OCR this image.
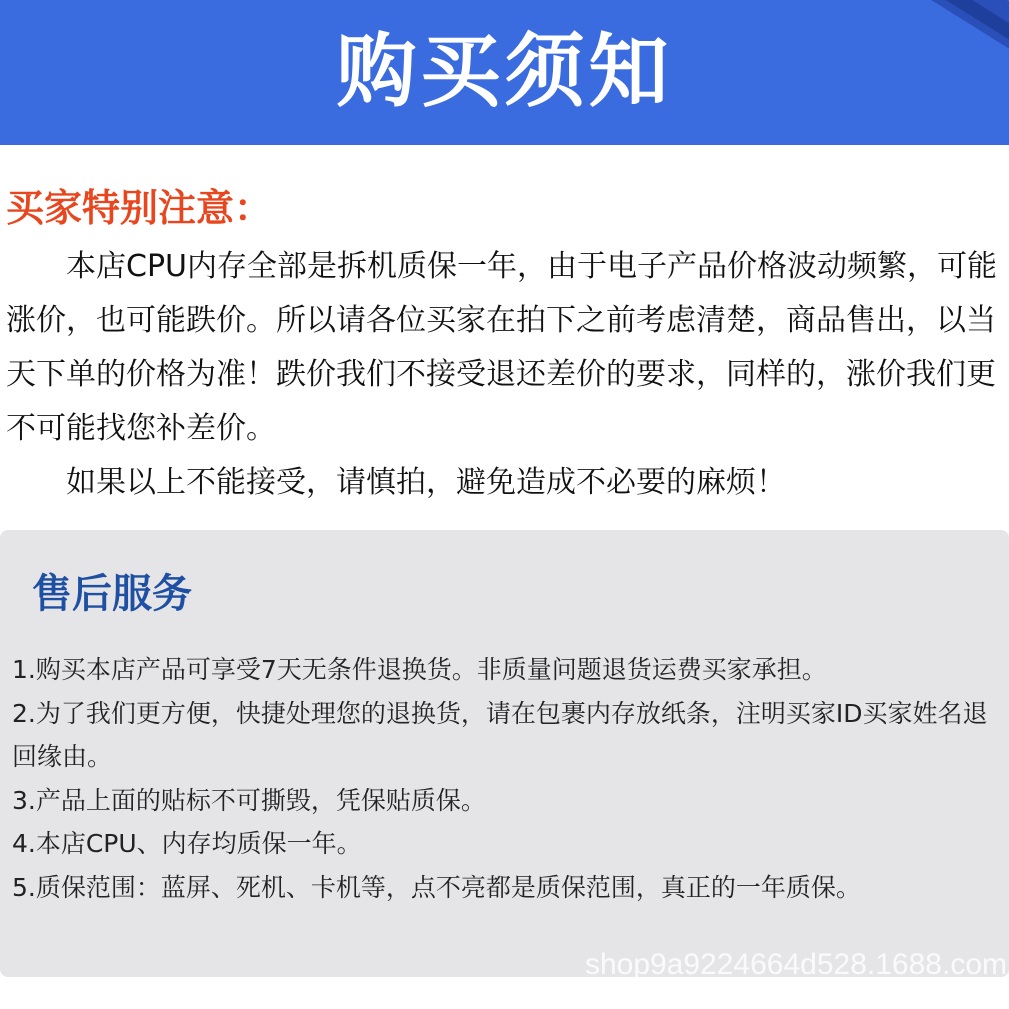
购买须知
买家特别注意：

本店CPU内存全部是拆机质保一年，由于电子产品价格波动频繁，可能涨价，也可能跌价。所以请各位买家在拍下之前考虑清楚，商品售出，以当天下单的价格为准！跌价我们不接受退还差价的要求，同样的，涨价我们更不可能找您补差价。

如果以上不能接受，请慎拍，避免造成不必要的麻烦！

售后服务
1.购买本店产品可享受7天无条件退换货。非质量问题退货运费买家承担。
2.为了我们更方便，快捷处理您的退换货，请在包裹内存放纸条，注明买家ID买家姓名退回缘由。
3.产品上面的贴标不可撕毁，凭保贴质保。
4.本店CPU、内存均质保一年。
5.质保范围：蓝屏、死机、卡机等，点不亮都是质保范围，真正的一年质保。
shop9a9224664d528.1688.com
